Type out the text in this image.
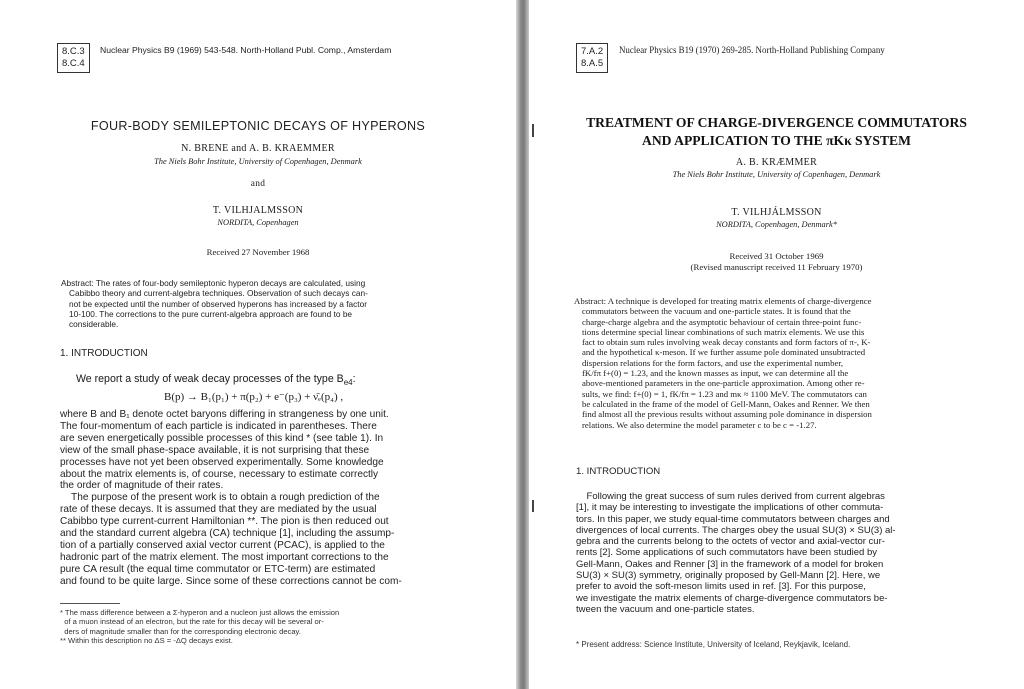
8.C.3
8.C.4
Nuclear Physics B9 (1969) 543-548. North-Holland Publ. Comp., Amsterdam
FOUR-BODY SEMILEPTONIC DECAYS OF HYPERONS
N. BRENE and A. B. KRAEMMER
The Niels Bohr Institute, University of Copenhagen, Denmark
and
T. VILHJALMSSON
NORDITA, Copenhagen
Received 27 November 1968
Abstract: The rates of four-body semileptonic hyperon decays are calculated, using
Cabibbo theory and current-algebra techniques. Observation of such decays can-
not be expected until the number of observed hyperons has increased by a factor
10-100. The corrections to the pure current-algebra approach are found to be
considerable.
1. INTRODUCTION
We report a study of weak decay processes of the type $B_{e4}$:
B(p) → B₁(p₁) + π(p₂) + e⁻(p₃) + ν̄ₑ(p₄) ,
where B and B₁ denote octet baryons differing in strangeness by one unit.
The four-momentum of each particle is indicated in parentheses. There
are seven energetically possible processes of this kind * (see table 1). In
view of the small phase-space available, it is not surprising that these
processes have not yet been observed experimentally. Some knowledge
about the matrix elements is, of course, necessary to estimate correctly
the order of magnitude of their rates.
The purpose of the present work is to obtain a rough prediction of the
rate of these decays. It is assumed that they are mediated by the usual
Cabibbo type current-current Hamiltonian **. The pion is then reduced out
and the standard current algebra (CA) technique [1], including the assump-
tion of a partially conserved axial vector current (PCAC), is applied to the
hadronic part of the matrix element. The most important corrections to the
pure CA result (the equal time commutator or ETC-term) are estimated
and found to be quite large. Since some of these corrections cannot be com-
* The mass difference between a Σ-hyperon and a nucleon just allows the emission
of a muon instead of an electron, but the rate for this decay will be several or-
ders of magnitude smaller than for the corresponding electronic decay.
** Within this description no ΔS = -ΔQ decays exist.
7.A.2
8.A.5
Nuclear Physics B19 (1970) 269-285. North-Holland Publishing Company
TREATMENT OF CHARGE-DIVERGENCE COMMUTATORS
AND APPLICATION TO THE πKκ SYSTEM
A. B. KRÆMMER
The Niels Bohr Institute, University of Copenhagen, Denmark
T. VILHJÁLMSSON
NORDITA, Copenhagen, Denmark*
Received 31 October 1969
(Revised manuscript received 11 February 1970)
Abstract: A technique is developed for treating matrix elements of charge-divergence
commutators between the vacuum and one-particle states. It is found that the
charge-charge algebra and the asymptotic behaviour of certain three-point func-
tions determine special linear combinations of such matrix elements. We use this
fact to obtain sum rules involving weak decay constants and form factors of π-, K-
and the hypothetical κ-meson. If we further assume pole dominated unsubtracted
dispersion relations for the form factors, and use the experimental number,
fK/fπ f+(0) = 1.23, and the known masses as input, we can determine all the
above-mentioned parameters in the one-particle approximation. Among other re-
sults, we find: f+(0) = 1, fK/fπ = 1.23 and mκ ≈ 1100 MeV. The commutators can
be calculated in the frame of the model of Gell-Mann, Oakes and Renner. We then
find almost all the previous results without assuming pole dominance in dispersion
relations. We also determine the model parameter c to be c = -1.27.
1. INTRODUCTION
Following the great success of sum rules derived from current algebras
[1], it may be interesting to investigate the implications of other commuta-
tors. In this paper, we study equal-time commutators between charges and
divergences of local currents. The charges obey the usual SU(3) × SU(3) al-
gebra and the currents belong to the octets of vector and axial-vector cur-
rents [2]. Some applications of such commutators have been studied by
Gell-Mann, Oakes and Renner [3] in the framework of a model for broken
SU(3) × SU(3) symmetry, originally proposed by Gell-Mann [2]. Here, we
prefer to avoid the soft-meson limits used in ref. [3]. For this purpose,
we investigate the matrix elements of charge-divergence commutators be-
tween the vacuum and one-particle states.
* Present address: Science Institute, University of Iceland, Reykjavik, Iceland.
